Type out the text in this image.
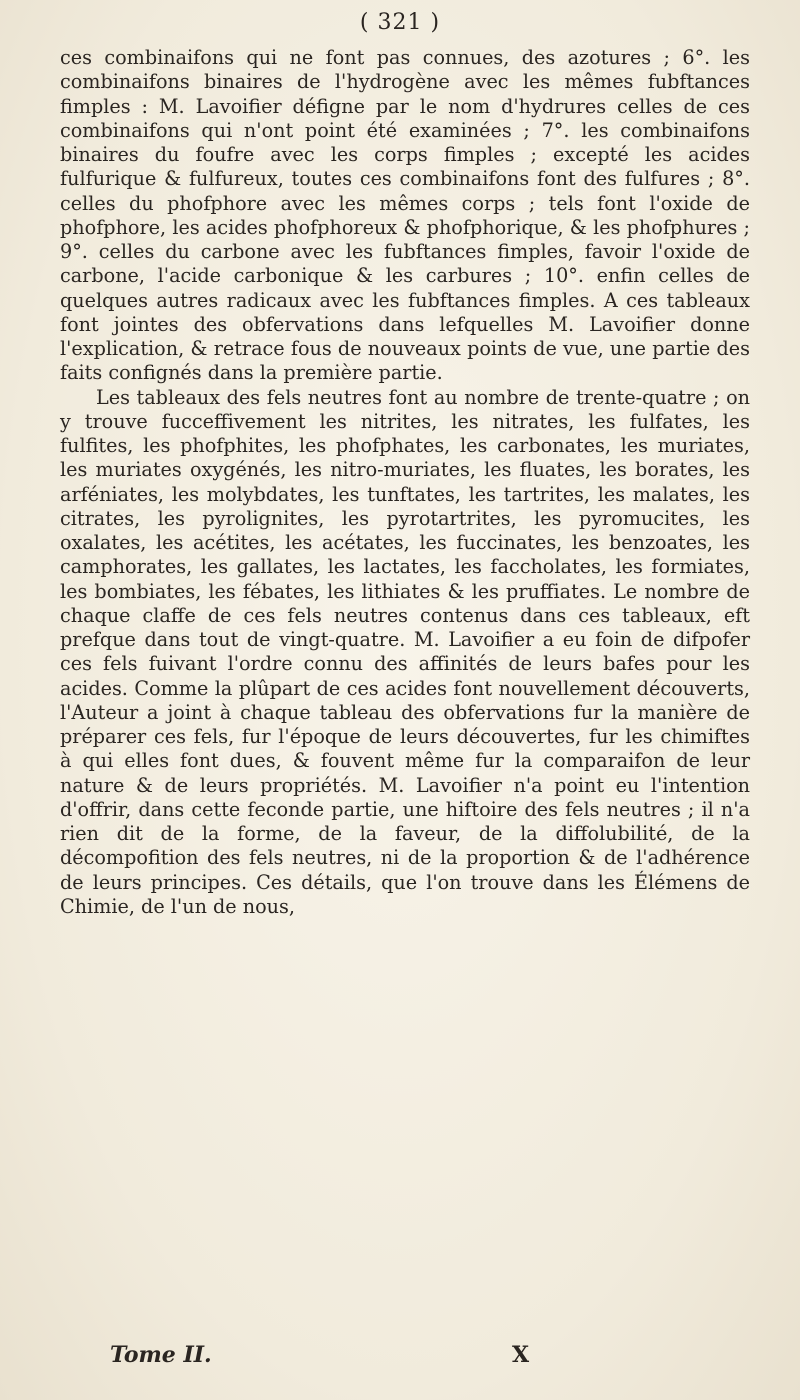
( 321 )

ces combinaifons qui ne font pas connues, des azotures ; 6°. les combinaifons binaires de l'hydrogène avec les mêmes fubftances fimples : M. Lavoifier défigne par le nom d'hydrures celles de ces combinaifons qui n'ont point été examinées ; 7°. les combinaifons binaires du foufre avec les corps fimples ; excepté les acides fulfurique & fulfureux, toutes ces combinaifons font des fulfures ; 8°. celles du phofphore avec les mêmes corps ; tels font l'oxide de phofphore, les acides phofphoreux & phofphorique, & les phofphures ; 9°. celles du carbone avec les fubftances fimples, favoir l'oxide de carbone, l'acide carbonique & les carbures ; 10°. enfin celles de quelques autres radicaux avec les fubftances fimples. A ces tableaux font jointes des obfervations dans lefquelles M. Lavoifier donne l'explication, & retrace fous de nouveaux points de vue, une partie des faits confignés dans la première partie.

Les tableaux des fels neutres font au nombre de trente-quatre ; on y trouve fucceffivement les nitrites, les nitrates, les fulfates, les fulfites, les phofphites, les phofphates, les carbonates, les muriates, les muriates oxygénés, les nitro-muriates, les fluates, les borates, les arféniates, les molybdates, les tunftates, les tartrites, les malates, les citrates, les pyrolignites, les pyrotartrites, les pyromucites, les oxalates, les acétites, les acétates, les fuccinates, les benzoates, les camphorates, les gallates, les lactates, les faccholates, les formiates, les bombiates, les fébates, les lithiates & les pruffiates. Le nombre de chaque claffe de ces fels neutres contenus dans ces tableaux, eft prefque dans tout de vingt-quatre. M. Lavoifier a eu foin de difpofer ces fels fuivant l'ordre connu des affinités de leurs bafes pour les acides. Comme la plûpart de ces acides font nouvellement découverts, l'Auteur a joint à chaque tableau des obfervations fur la manière de préparer ces fels, fur l'époque de leurs découvertes, fur les chimiftes à qui elles font dues, & fouvent même fur la comparaifon de leur nature & de leurs propriétés. M. Lavoifier n'a point eu l'intention d'offrir, dans cette feconde partie, une hiftoire des fels neutres ; il n'a rien dit de la forme, de la faveur, de la diffolubilité, de la décompofition des fels neutres, ni de la proportion & de l'adhérence de leurs principes. Ces détails, que l'on trouve dans les Élémens de Chimie, de l'un de nous,

Tome II.	X
